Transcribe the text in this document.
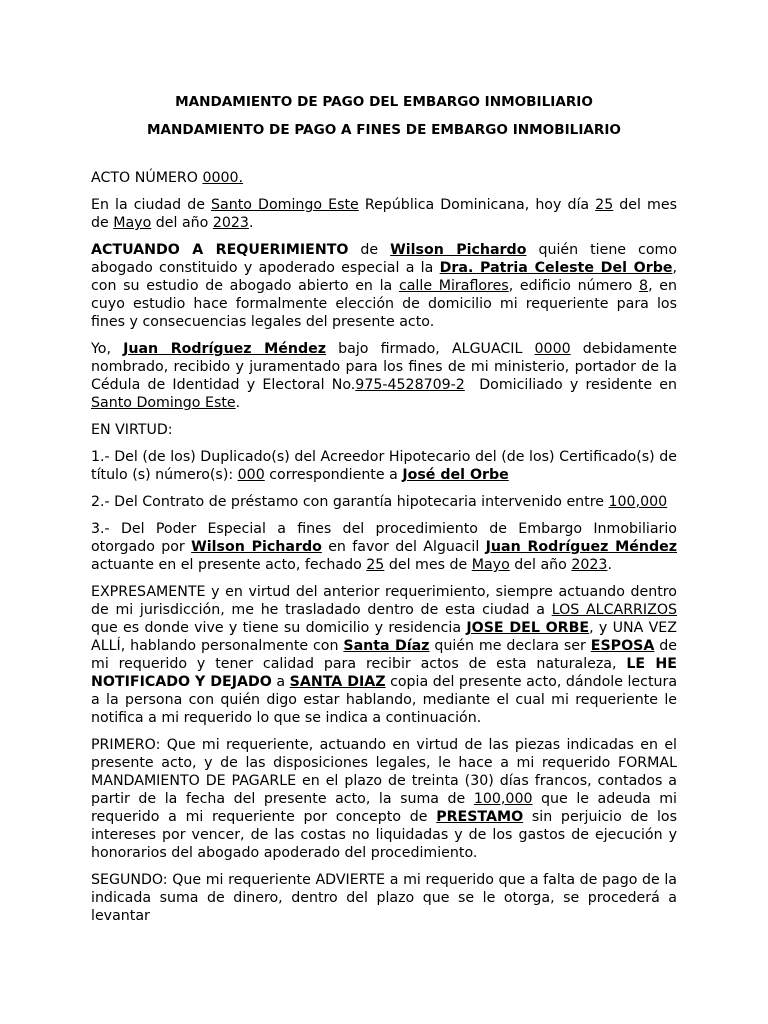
MANDAMIENTO DE PAGO DEL EMBARGO INMOBILIARIO
MANDAMIENTO DE PAGO A FINES DE EMBARGO INMOBILIARIO

ACTO NÚMERO 0000.

En la ciudad de Santo Domingo Este República Dominicana, hoy día 25 del mes de Mayo del año 2023.

ACTUANDO A REQUERIMIENTO de Wilson Pichardo quién tiene como abogado constituido y apoderado especial a la Dra. Patria Celeste Del Orbe, con su estudio de abogado abierto en la calle Miraflores, edificio número 8, en cuyo estudio hace formalmente elección de domicilio mi requeriente para los fines y consecuencias legales del presente acto.

Yo, Juan Rodríguez Méndez bajo firmado, ALGUACIL 0000 debidamente nombrado, recibido y juramentado para los fines de mi ministerio, portador de la Cédula de Identidad y Electoral No.975-4528709-2  Domiciliado y residente en Santo Domingo Este.

EN VIRTUD:

1.- Del (de los) Duplicado(s) del Acreedor Hipotecario del (de los) Certificado(s) de título (s) número(s): 000 correspondiente a José del Orbe

2.- Del Contrato de préstamo con garantía hipotecaria intervenido entre 100,000

3.- Del Poder Especial a fines del procedimiento de Embargo Inmobiliario otorgado por Wilson Pichardo en favor del Alguacil Juan Rodríguez Méndez actuante en el presente acto, fechado 25 del mes de Mayo del año 2023.

EXPRESAMENTE y en virtud del anterior requerimiento, siempre actuando dentro de mi jurisdicción, me he trasladado dentro de esta ciudad a LOS ALCARRIZOS que es donde vive y tiene su domicilio y residencia JOSE DEL ORBE, y UNA VEZ ALLÍ, hablando personalmente con Santa Díaz quién me declara ser ESPOSA de mi requerido y tener calidad para recibir actos de esta naturaleza, LE HE NOTIFICADO Y DEJADO a SANTA DIAZ copia del presente acto, dándole lectura a la persona con quién digo estar hablando, mediante el cual mi requeriente le notifica a mi requerido lo que se indica a continuación.

PRIMERO: Que mi requeriente, actuando en virtud de las piezas indicadas en el presente acto, y de las disposiciones legales, le hace a mi requerido FORMAL MANDAMIENTO DE PAGARLE en el plazo de treinta (30) días francos, contados a partir de la fecha del presente acto, la suma de 100,000 que le adeuda mi requerido a mi requeriente por concepto de PRESTAMO sin perjuicio de los intereses por vencer, de las costas no liquidadas y de los gastos de ejecución y honorarios del abogado apoderado del procedimiento.

SEGUNDO: Que mi requeriente ADVIERTE a mi requerido que a falta de pago de la indicada suma de dinero, dentro del plazo que se le otorga, se procederá a levantar
